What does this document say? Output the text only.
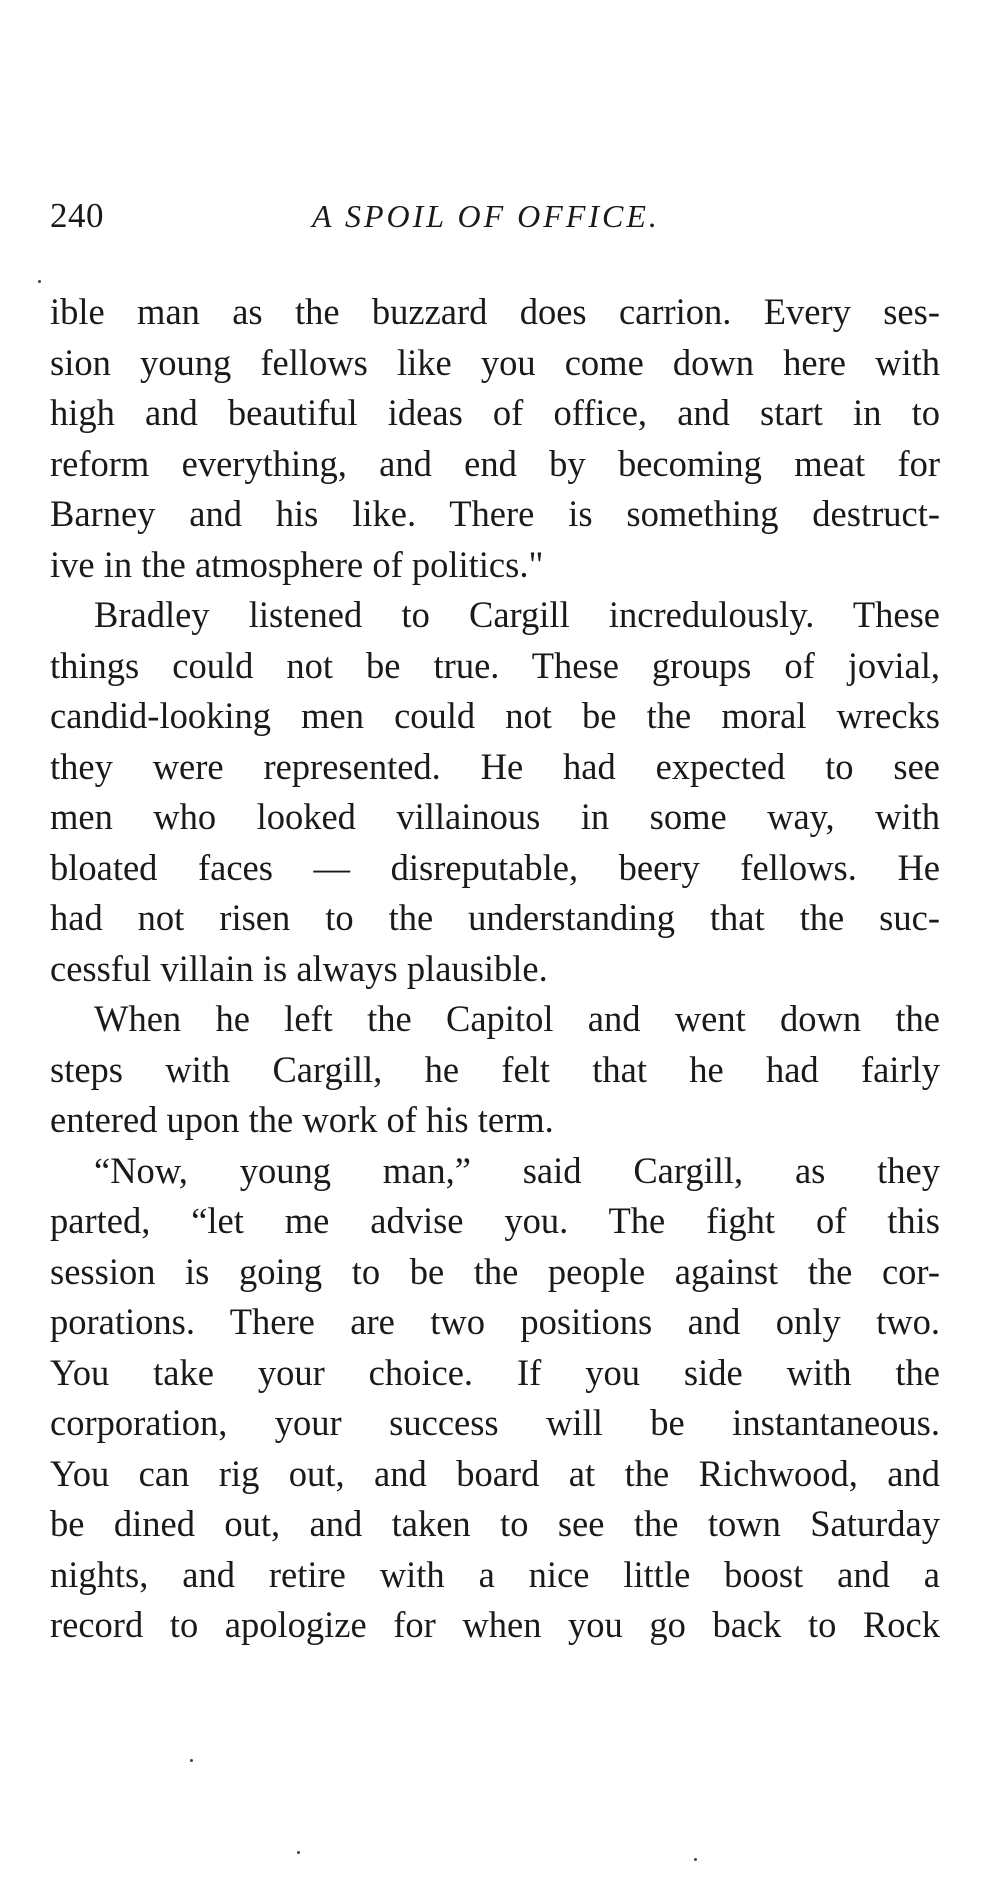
240	A SPOIL OF OFFICE.
ible man as the buzzard does carrion. Every ses-
sion young fellows like you come down here with
high and beautiful ideas of office, and start in to
reform everything, and end by becoming meat for
Barney and his like. There is something destruct-
ive in the atmosphere of politics."
Bradley listened to Cargill incredulously. These
things could not be true. These groups of jovial,
candid-looking men could not be the moral wrecks
they were represented. He had expected to see
men who looked villainous in some way, with
bloated faces — disreputable, beery fellows. He
had not risen to the understanding that the suc-
cessful villain is always plausible.
When he left the Capitol and went down the
steps with Cargill, he felt that he had fairly
entered upon the work of his term.
“Now, young man,” said Cargill, as they
parted, “let me advise you. The fight of this
session is going to be the people against the cor-
porations. There are two positions and only two.
You take your choice. If you side with the
corporation, your success will be instantaneous.
You can rig out, and board at the Richwood, and
be dined out, and taken to see the town Saturday
nights, and retire with a nice little boost and a
record to apologize for when you go back to Rock
